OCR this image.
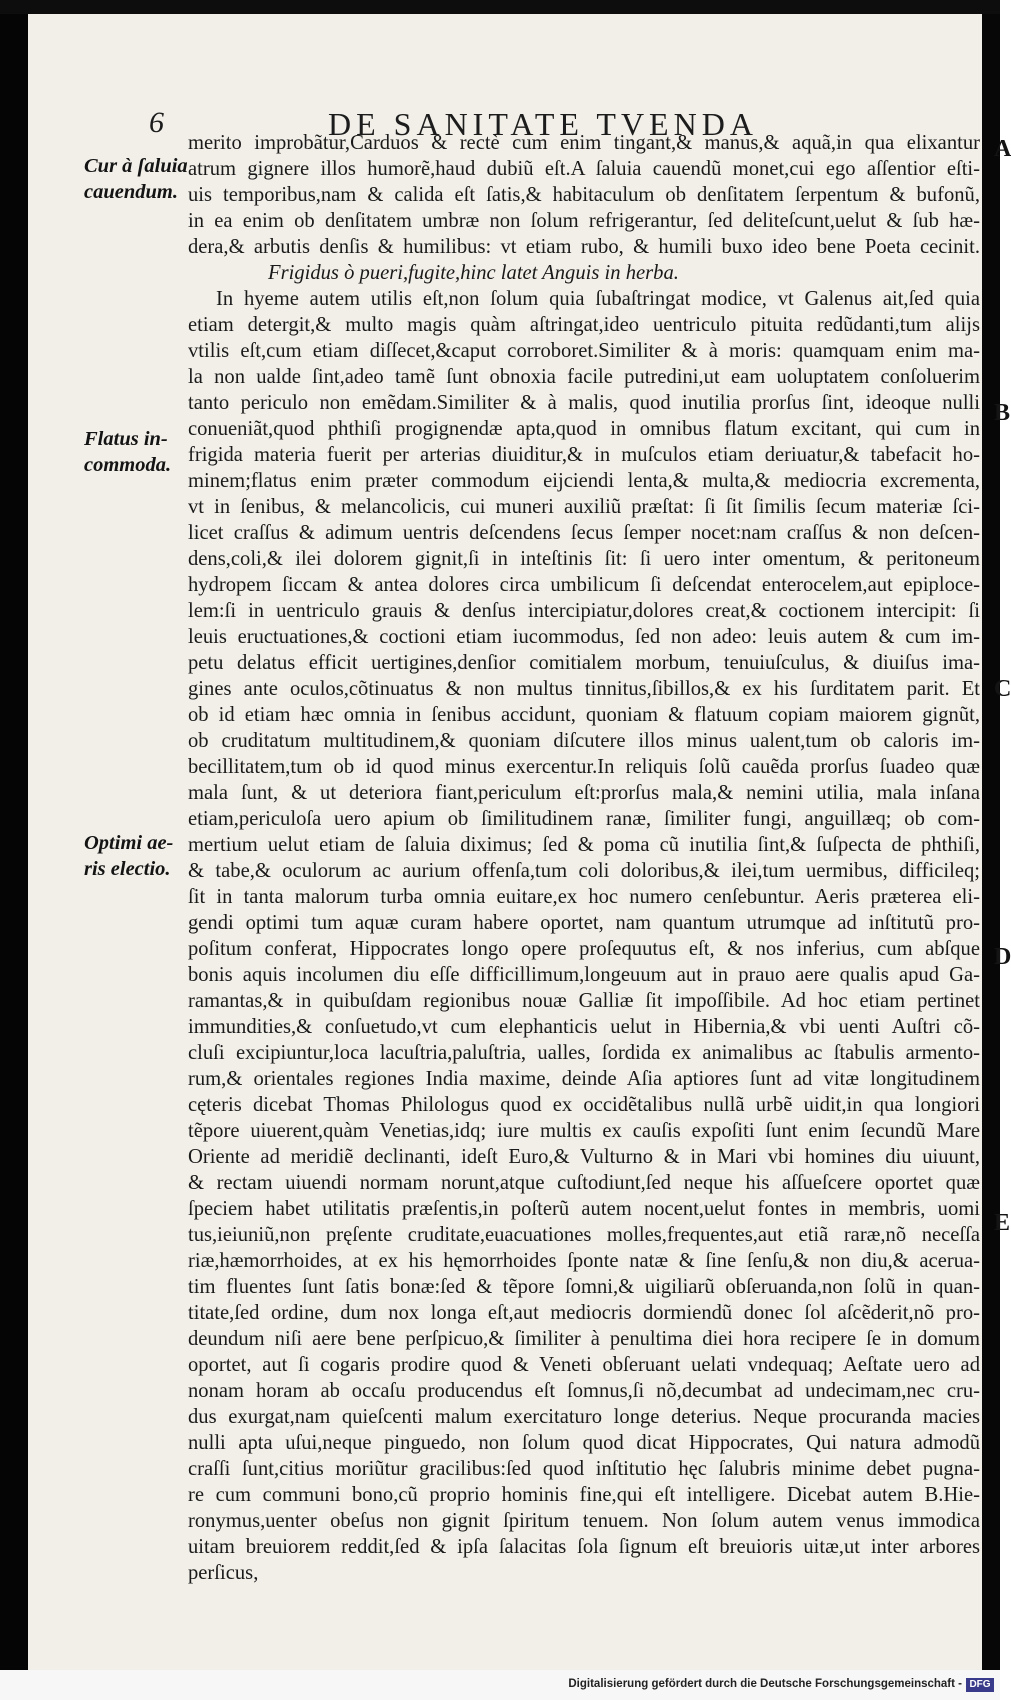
6	DE SANITATE TVENDA
Cur à ſaluia
cauendum.
Flatus in-
commoda.
Optimi ae-
ris electio.
A
B
C
D
E
merito improbãtur,Carduos & rectè cum enim tingant,& manus,& aquã,in qua elixantur
atrum gignere illos humorẽ,haud dubiũ eſt.A ſaluia cauendũ monet,cui ego aſſentior eſti-
uis temporibus,nam & calida eſt ſatis,& habitaculum ob denſitatem ſerpentum & bufonũ,
in ea enim ob denſitatem umbræ non ſolum refrigerantur, ſed deliteſcunt,uelut & ſub hæ-
dera,& arbutis denſis & humilibus: vt etiam rubo, & humili buxo ideo bene Poeta cecinit.
Frigidus ò pueri,fugite,hinc latet Anguis in herba.
In hyeme autem utilis eſt,non ſolum quia ſubaſtringat modice, vt Galenus ait,ſed quia
etiam detergit,& multo magis quàm aſtringat,ideo uentriculo pituita redũdanti,tum alijs
vtilis eſt,cum etiam diſſecet,&caput corroboret.Similiter & à moris: quamquam enim ma-
la non ualde ſint,adeo tamẽ ſunt obnoxia facile putredini,ut eam uoluptatem conſoluerim
tanto periculo non emẽdam.Similiter & à malis, quod inutilia prorſus ſint, ideoque nulli
conueniãt,quod phthiſi progignendæ apta,quod in omnibus flatum excitant, qui cum in
frigida materia fuerit per arterias diuiditur,& in muſculos etiam deriuatur,& tabefacit ho-
minem;flatus enim præter commodum eijciendi lenta,& multa,& mediocria excrementa,
vt in ſenibus, & melancolicis, cui muneri auxiliũ præſtat: ſi ſit ſimilis ſecum materiæ ſci-
licet craſſus & adimum uentris deſcendens ſecus ſemper nocet:nam craſſus & non deſcen-
dens,coli,& ilei dolorem gignit,ſi in inteſtinis ſit: ſi uero inter omentum, & peritoneum
hydropem ſiccam & antea dolores circa umbilicum ſi deſcendat enterocelem,aut epiploce-
lem:ſi in uentriculo grauis & denſus intercipiatur,dolores creat,& coctionem intercipit: ſi
leuis eructuationes,& coctioni etiam iucommodus, ſed non adeo: leuis autem & cum im-
petu delatus efficit uertigines,denſior comitialem morbum, tenuiuſculus, & diuiſus ima-
gines ante oculos,cõtinuatus & non multus tinnitus,ſibillos,& ex his ſurditatem parit. Et
ob id etiam hæc omnia in ſenibus accidunt, quoniam & flatuum copiam maiorem gignũt,
ob cruditatum multitudinem,& quoniam diſcutere illos minus ualent,tum ob caloris im-
becillitatem,tum ob id quod minus exercentur.In reliquis ſolũ cauẽda prorſus ſuadeo quæ
mala ſunt, & ut deteriora fiant,periculum eſt:prorſus mala,& nemini utilia, mala inſana
etiam,periculoſa uero apium ob ſimilitudinem ranæ, ſimiliter fungi, anguillæq; ob com-
mertium uelut etiam de ſaluia diximus; ſed & poma cũ inutilia ſint,& ſuſpecta de phthiſi,
& tabe,& oculorum ac aurium offenſa,tum coli doloribus,& ilei,tum uermibus, difficileq;
ſit in tanta malorum turba omnia euitare,ex hoc numero cenſebuntur. Aeris præterea eli-
gendi optimi tum aquæ curam habere oportet, nam quantum utrumque ad inſtitutũ pro-
poſitum conferat, Hippocrates longo opere proſequutus eſt, & nos inferius, cum abſque
bonis aquis incolumen diu eſſe difficillimum,longeuum aut in prauo aere qualis apud Ga-
ramantas,& in quibuſdam regionibus nouæ Galliæ ſit impoſſibile. Ad hoc etiam pertinet
immundities,& conſuetudo,vt cum elephanticis uelut in Hibernia,& vbi uenti Auſtri cõ-
cluſi excipiuntur,loca lacuſtria,paluſtria, ualles, ſordida ex animalibus ac ſtabulis armento-
rum,& orientales regiones India maxime, deinde Aſia aptiores ſunt ad vitæ longitudinem
cęteris dicebat Thomas Philologus quod ex occidẽtalibus nullã urbẽ uidit,in qua longiori
tẽpore uiuerent,quàm Venetias,idq; iure multis ex cauſis expoſiti ſunt enim ſecundũ Mare
Oriente ad meridiẽ declinanti, ideſt Euro,& Vulturno & in Mari vbi homines diu uiuunt,
& rectam uiuendi normam norunt,atque cuſtodiunt,ſed neque his aſſueſcere oportet quæ
ſpeciem habet utilitatis præſentis,in poſterũ autem nocent,uelut fontes in membris, uomi
tus,ieiuniũ,non pręſente cruditate,euacuationes molles,frequentes,aut etiã raræ,nõ neceſſa
riæ,hæmorrhoides, at ex his hęmorrhoides ſponte natæ & ſine ſenſu,& non diu,& acerua-
tim fluentes ſunt ſatis bonæ:ſed & tẽpore ſomni,& uigiliarũ obſeruanda,non ſolũ in quan-
titate,ſed ordine, dum nox longa eſt,aut mediocris dormiendũ donec ſol aſcẽderit,nõ pro-
deundum niſi aere bene perſpicuo,& ſimiliter à penultima diei hora recipere ſe in domum
oportet, aut ſi cogaris prodire quod & Veneti obſeruant uelati vndequaq; Aeſtate uero ad
nonam horam ab occaſu producendus eſt ſomnus,ſi nõ,decumbat ad undecimam,nec cru-
dus exurgat,nam quieſcenti malum exercitaturo longe deterius. Neque procuranda macies
nulli apta uſui,neque pinguedo, non ſolum quod dicat Hippocrates, Qui natura admodũ
craſſi ſunt,citius moriũtur gracilibus:ſed quod inſtitutio hęc ſalubris minime debet pugna-
re cum communi bono,cũ proprio hominis fine,qui eſt intelligere. Dicebat autem B.Hie-
ronymus,uenter obeſus non gignit ſpiritum tenuem. Non ſolum autem venus immodica
uitam breuiorem reddit,ſed & ipſa ſalacitas ſola ſignum eſt breuioris uitæ,ut inter arbores
perſicus,
Digitalisierung gefördert durch die Deutsche Forschungsgemeinschaft - DFG
